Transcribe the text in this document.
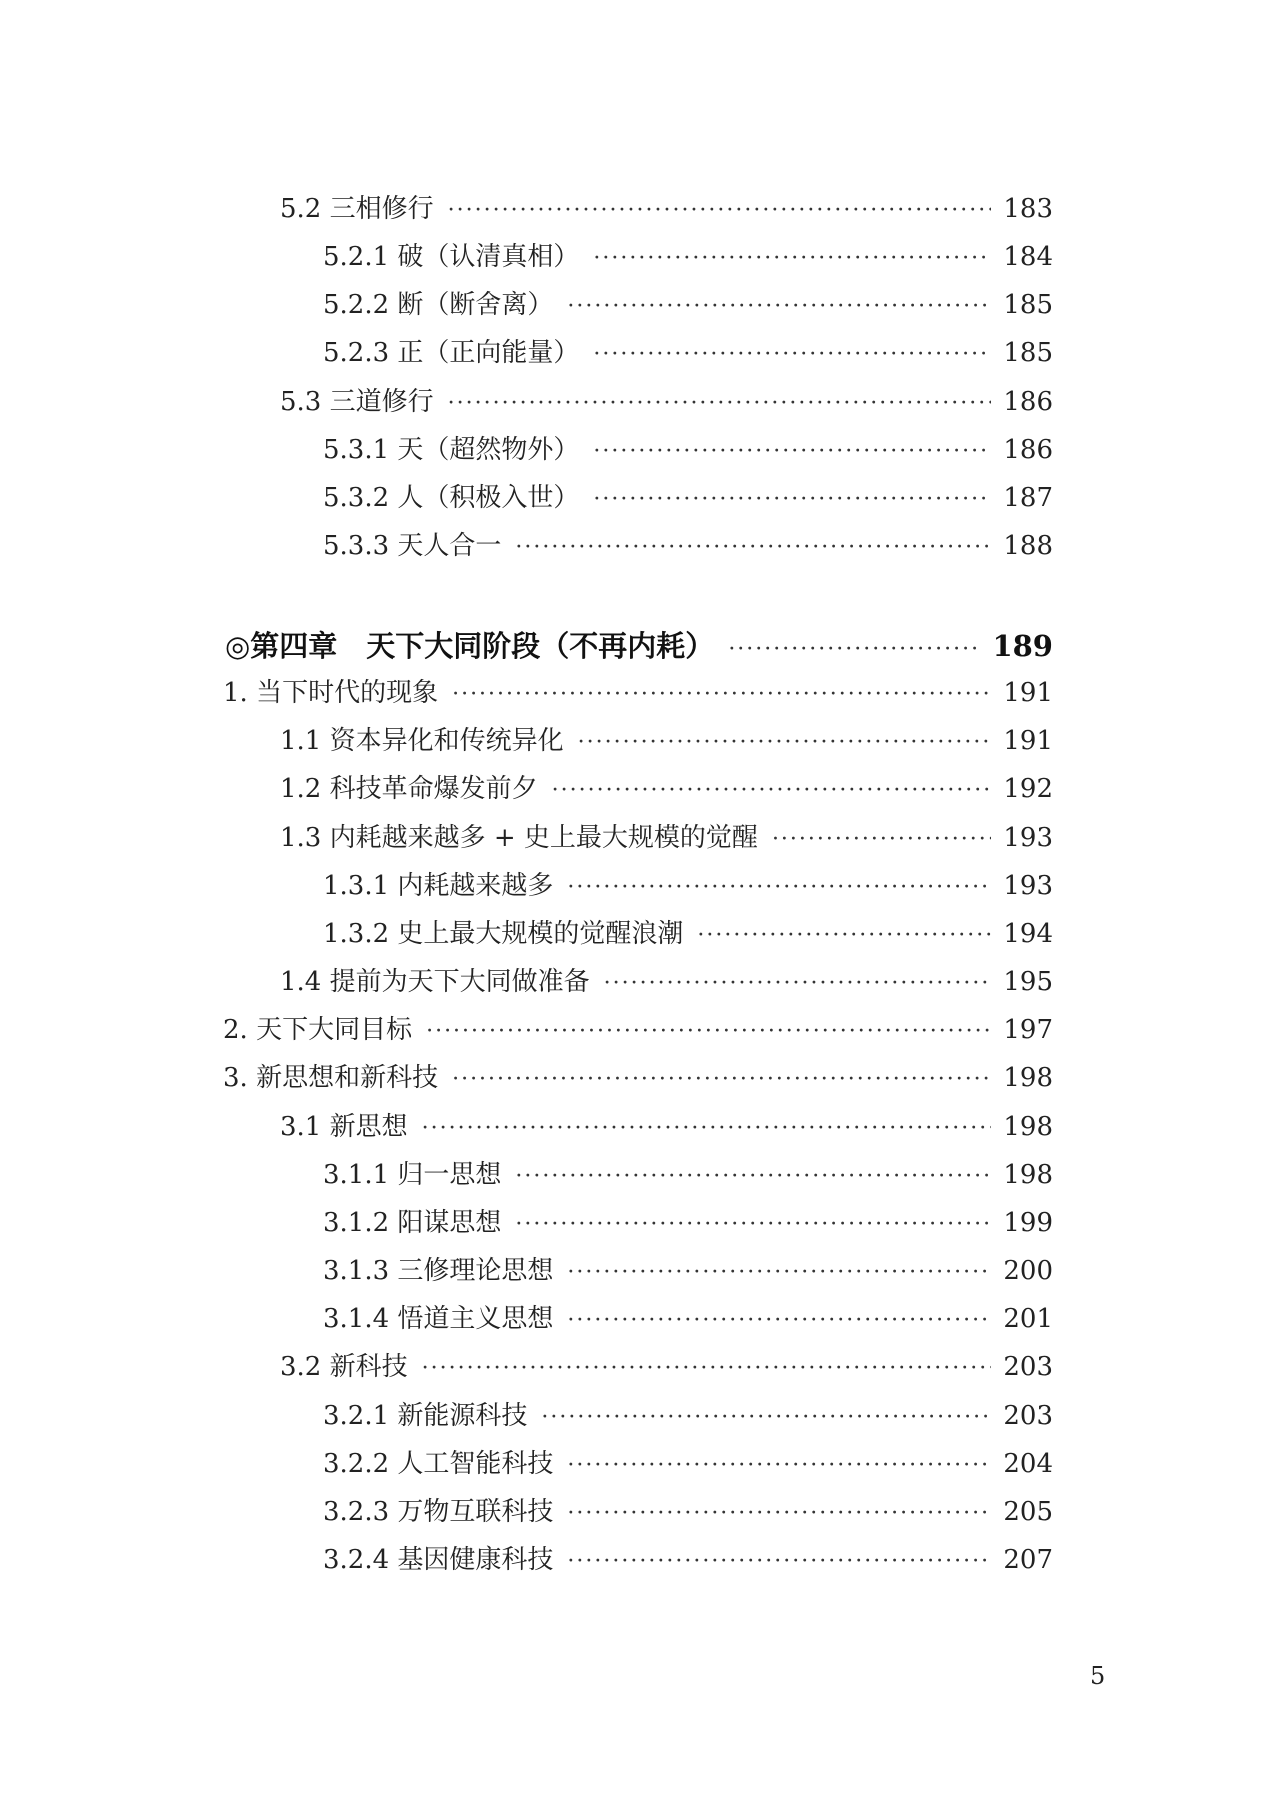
5.2 三相修行 ·····	183
5.2.1 破（认清真相） ·····	184
5.2.2 断（断舍离） ·····	185
5.2.3 正（正向能量） ·····	185
5.3 三道修行 ·····	186
5.3.1 天（超然物外） ·····	186
5.3.2 人（积极入世） ·····	187
5.3.3 天人合一 ·····	188
◎第四章　天下大同阶段（不再内耗） ·····	189
1. 当下时代的现象 ·····	191
1.1 资本异化和传统异化 ·····	191
1.2 科技革命爆发前夕 ·····	192
1.3 内耗越来越多 + 史上最大规模的觉醒 ·····	193
1.3.1 内耗越来越多 ·····	193
1.3.2 史上最大规模的觉醒浪潮 ·····	194
1.4 提前为天下大同做准备 ·····	195
2. 天下大同目标 ·····	197
3. 新思想和新科技 ·····	198
3.1 新思想 ·····	198
3.1.1 归一思想 ·····	198
3.1.2 阳谋思想 ·····	199
3.1.3 三修理论思想 ·····	200
3.1.4 悟道主义思想 ·····	201
3.2 新科技 ·····	203
3.2.1 新能源科技 ·····	203
3.2.2 人工智能科技 ·····	204
3.2.3 万物互联科技 ·····	205
3.2.4 基因健康科技 ·····	207
5
